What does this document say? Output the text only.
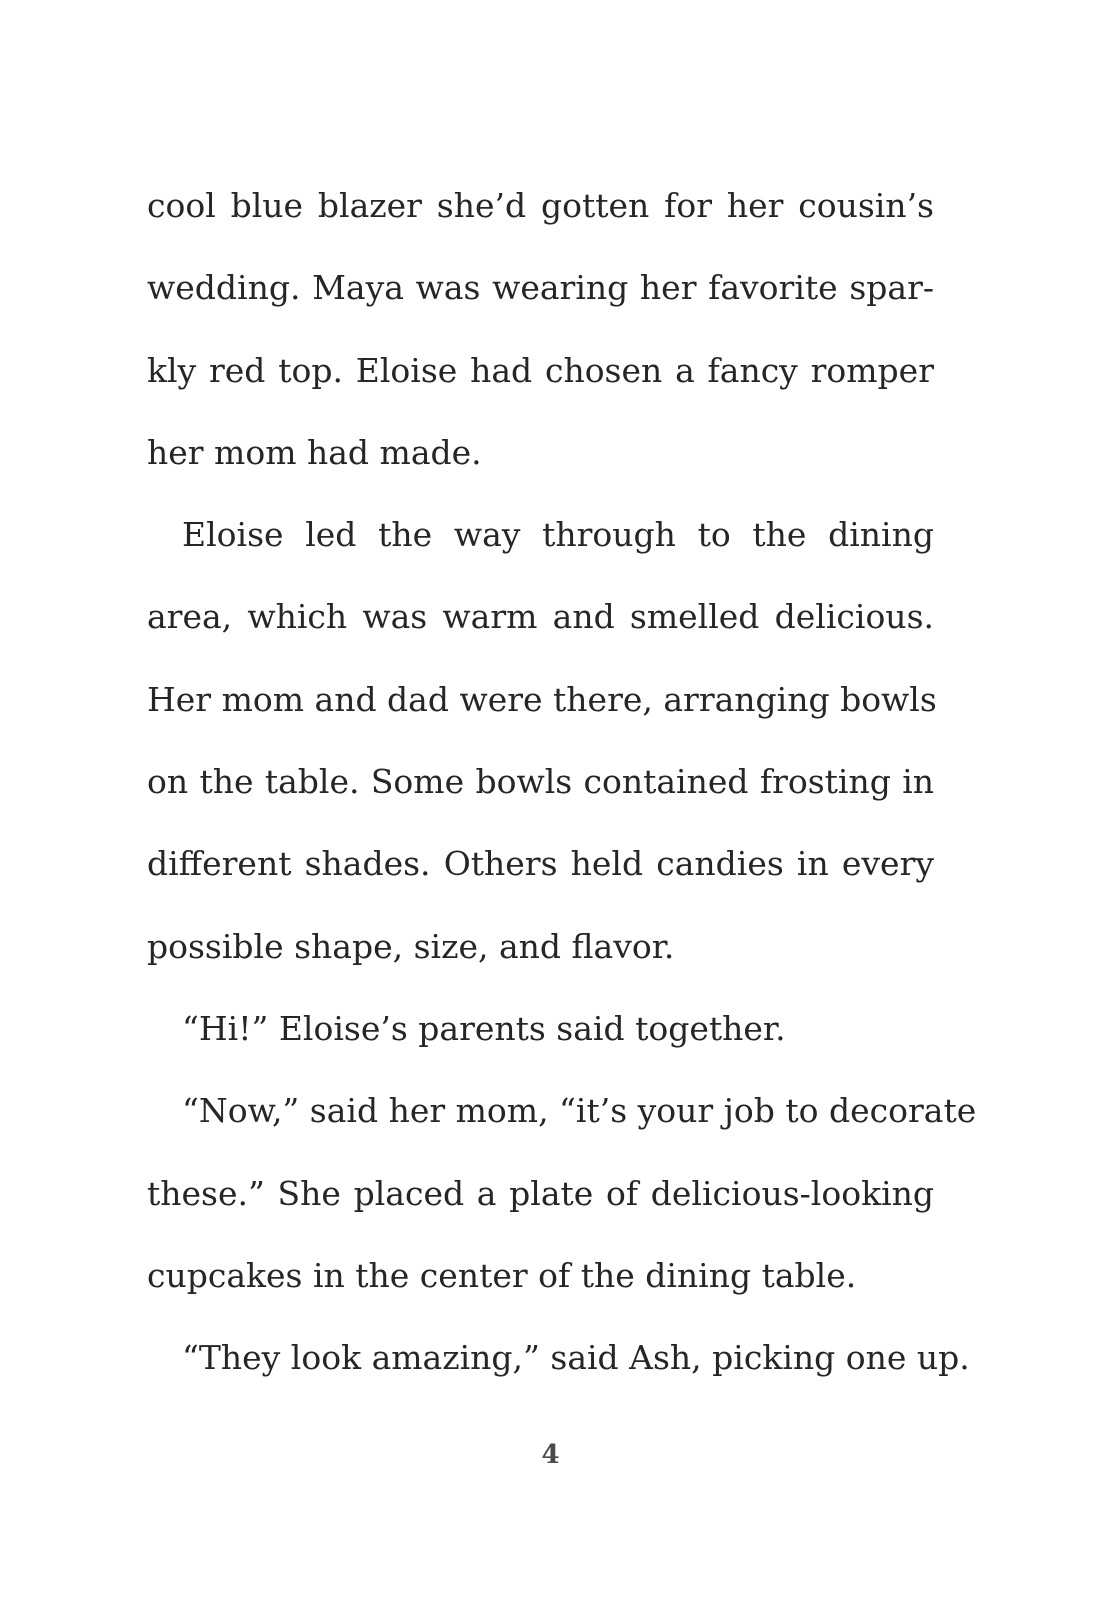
cool blue blazer she’d gotten for her cousin’s
wedding. Maya was wearing her favorite spar-
kly red top. Eloise had chosen a fancy romper
her mom had made.
Eloise led the way through to the dining
area, which was warm and smelled delicious.
Her mom and dad were there, arranging bowls
on the table. Some bowls contained frosting in
different shades. Others held candies in every
possible shape, size, and flavor.
“Hi!” Eloise’s parents said together.
“Now,” said her mom, “it’s your job to decorate
these.” She placed a plate of delicious-looking
cupcakes in the center of the dining table.
“They look amazing,” said Ash, picking one up.
4
